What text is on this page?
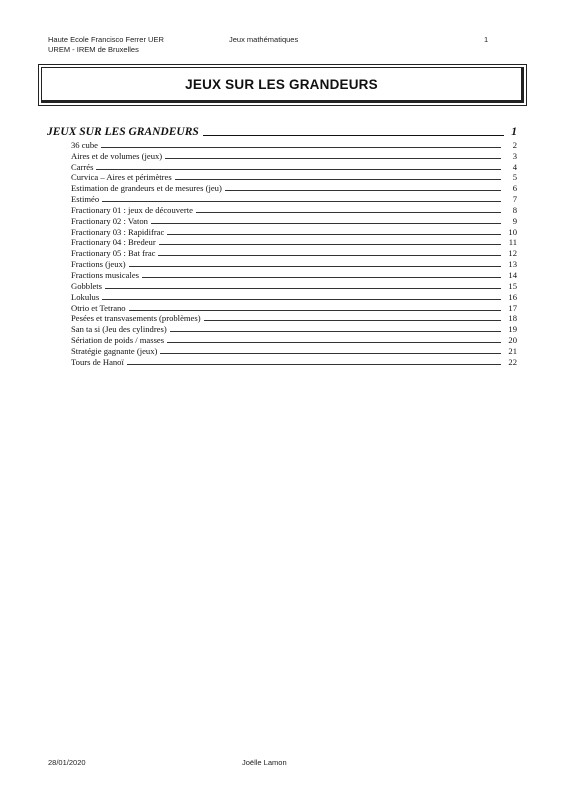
Haute Ecole Francisco Ferrer UER
UREM - IREM de Bruxelles
Jeux mathématiques	1
JEUX SUR LES GRANDEURS
JEUX SUR LES GRANDEURS	1
36 cube	2
Aires et de volumes (jeux)	3
Carrés	4
Curvica – Aires et périmètres	5
Estimation de grandeurs et de mesures (jeu)	6
Estiméo	7
Fractionary 01 : jeux de découverte	8
Fractionary 02 : Vaton	9
Fractionary 03 : Rapidifrac	10
Fractionary 04 : Bredeur	11
Fractionary 05 : Bat frac	12
Fractions (jeux)	13
Fractions musicales	14
Gobblets	15
Lokulus	16
Otrio et Tetrano	17
Pesées et transvasements (problèmes)	18
San ta si (Jeu des cylindres)	19
Sériation de poids / masses	20
Stratégie gagnante (jeux)	21
Tours de Hanoï	22
28/01/2020	Joëlle Lamon
